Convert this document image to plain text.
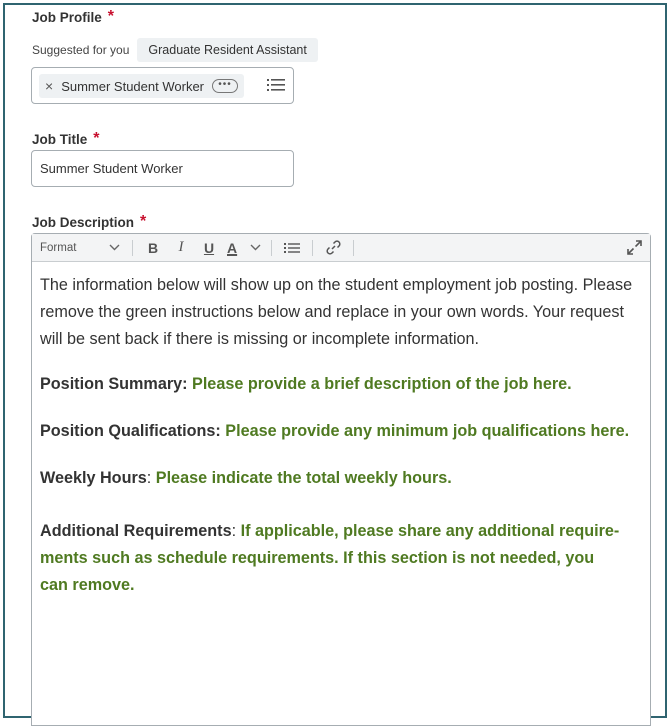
Job Profile *
Suggested for you	Graduate Resident Assistant
× Summer Student Worker	•••
Job Title *
Summer Student Worker
Job Description *
Format	B	I	U A

The information below will show up on the student employment job posting. Please remove the green instructions below and replace in your own words. Your request will be sent back if there is missing or incomplete information.

Position Summary: Please provide a brief description of the job here.

Position Qualifications: Please provide any minimum job qualifications here.

Weekly Hours: Please indicate the total weekly hours.

Additional Requirements: If applicable, please share any additional require-ments such as schedule requirements. If this section is not needed, you can remove.
